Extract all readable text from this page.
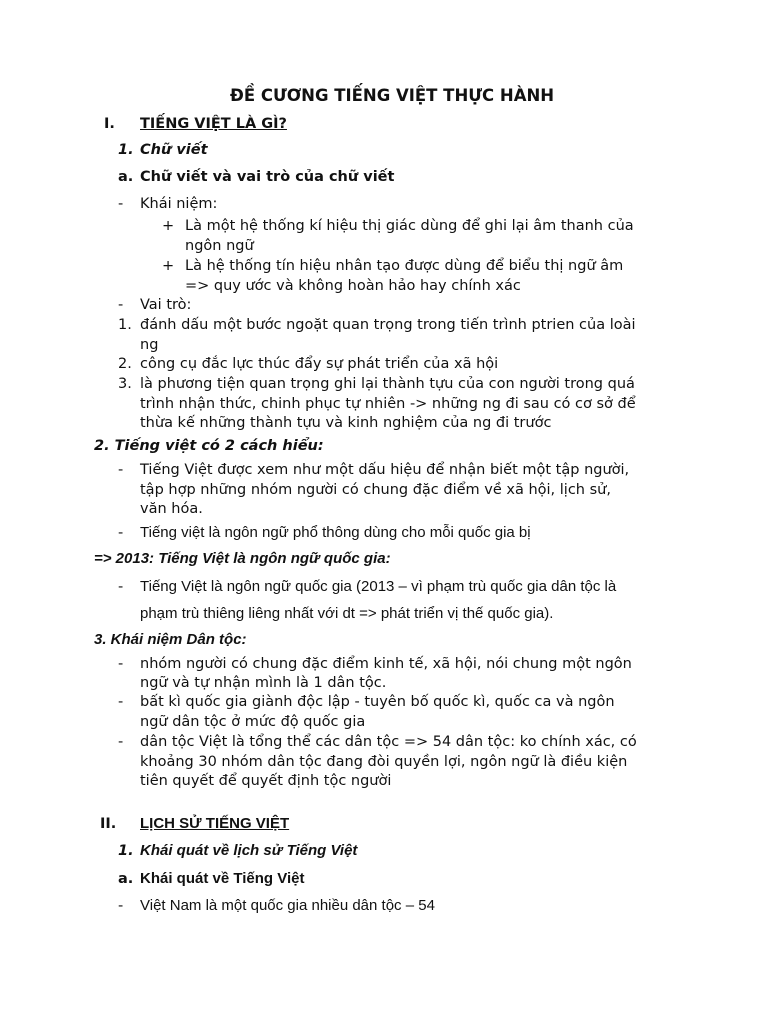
ĐỀ CƯƠNG TIẾNG VIỆT THỰC HÀNH
I. TIẾNG VIỆT LÀ GÌ?
1. Chữ viết
a. Chữ viết và vai trò của chữ viết
- Khái niệm:
+ Là một hệ thống kí hiệu thị giác dùng để ghi lại âm thanh của
ngôn ngữ
+ Là hệ thống tín hiệu nhân tạo được dùng để biểu thị ngữ âm
=> quy ước và không hoàn hảo hay chính xác
- Vai trò:
1. đánh dấu một bước ngoặt quan trọng trong tiến trình ptrien của loài
ng
2. công cụ đắc lực thúc đẩy sự phát triển của xã hội
3. là phương tiện quan trọng ghi lại thành tựu của con người trong quá
trình nhận thức, chinh phục tự nhiên -> những ng đi sau có cơ sở để
thừa kế những thành tựu và kinh nghiệm của ng đi trước
2. Tiếng việt có 2 cách hiểu:
- Tiếng Việt được xem như một dấu hiệu để nhận biết một tập người,
tập hợp những nhóm người có chung đặc điểm về xã hội, lịch sử,
văn hóa.
- Tiếng việt là ngôn ngữ phổ thông dùng cho mỗi quốc gia bị
=> 2013: Tiếng Việt là ngôn ngữ quốc gia:
- Tiếng Việt là ngôn ngữ quốc gia (2013 – vì phạm trù quốc gia dân tộc là
phạm trù thiêng liêng nhất với dt => phát triển vị thế quốc gia).
3. Khái niệm Dân tộc:
- nhóm người có chung đặc điểm kinh tế, xã hội, nói chung một ngôn
ngữ và tự nhận mình là 1 dân tộc.
- bất kì quốc gia giành độc lập - tuyên bố quốc kì, quốc ca và ngôn
ngữ dân tộc ở mức độ quốc gia
- dân tộc Việt là tổng thể các dân tộc => 54 dân tộc: ko chính xác, có
khoảng 30 nhóm dân tộc đang đòi quyền lợi, ngôn ngữ là điều kiện
tiên quyết để quyết định tộc người
II. LỊCH SỬ TIẾNG VIỆT
1. Khái quát về lịch sử Tiếng Việt
a. Khái quát về Tiếng Việt
- Việt Nam là một quốc gia nhiều dân tộc – 54
